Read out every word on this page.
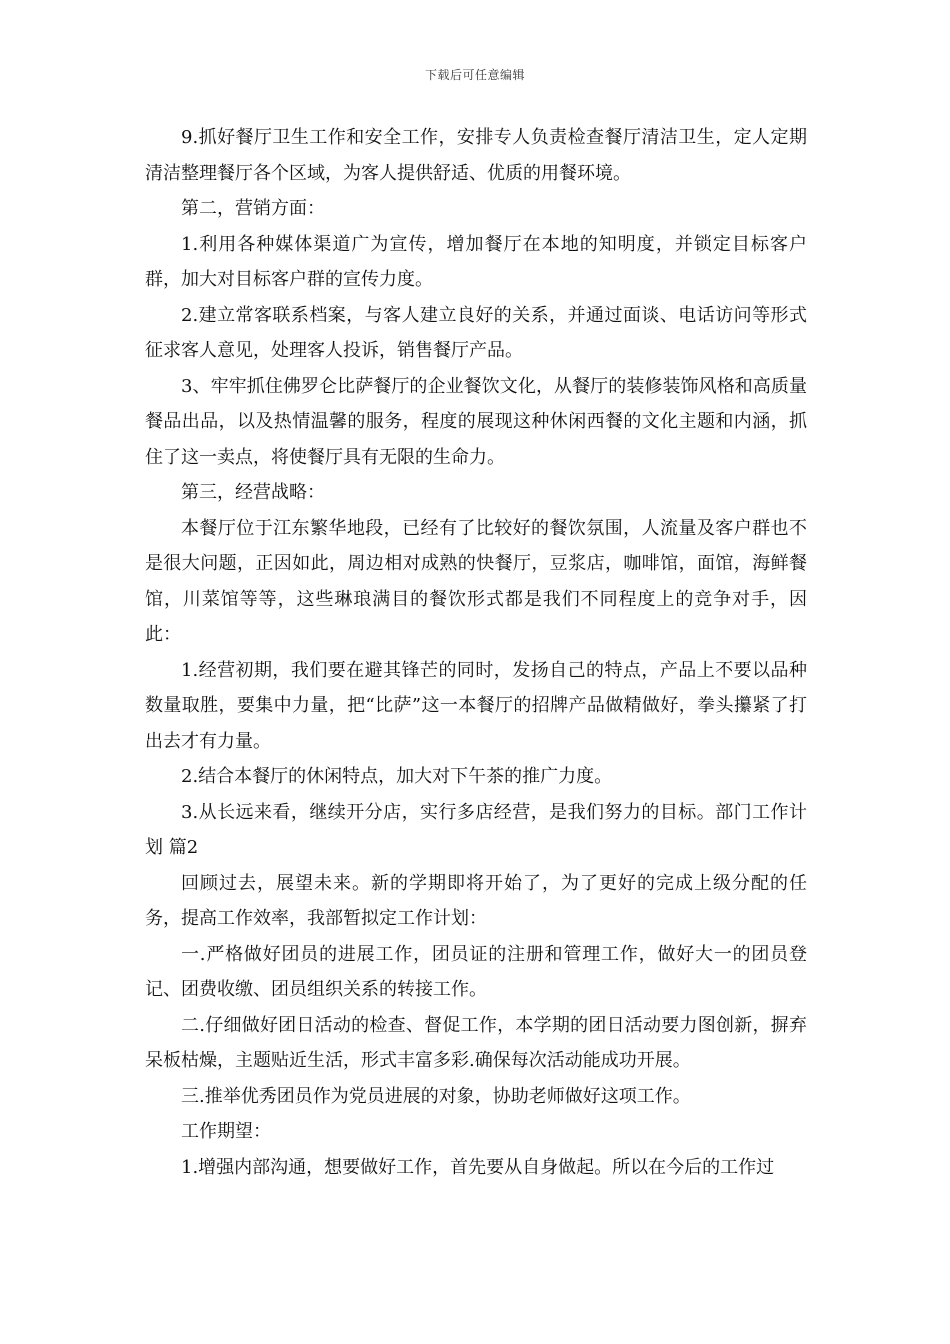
下载后可任意编辑

9.抓好餐厅卫生工作和安全工作，安排专人负责检查餐厅清洁卫生，定人定期清洁整理餐厅各个区域，为客人提供舒适、优质的用餐环境。

第二，营销方面：

1.利用各种媒体渠道广为宣传，增加餐厅在本地的知明度，并锁定目标客户群，加大对目标客户群的宣传力度。

2.建立常客联系档案，与客人建立良好的关系，并通过面谈、电话访问等形式征求客人意见，处理客人投诉，销售餐厅产品。

3、牢牢抓住佛罗仑比萨餐厅的企业餐饮文化，从餐厅的装修装饰风格和高质量餐品出品，以及热情温馨的服务，程度的展现这种休闲西餐的文化主题和内涵，抓住了这一卖点，将使餐厅具有无限的生命力。

第三，经营战略：

本餐厅位于江东繁华地段，已经有了比较好的餐饮氛围，人流量及客户群也不是很大问题，正因如此，周边相对成熟的快餐厅，豆浆店，咖啡馆，面馆，海鲜餐馆，川菜馆等等，这些琳琅满目的餐饮形式都是我们不同程度上的竞争对手，因此：

1.经营初期，我们要在避其锋芒的同时，发扬自己的特点，产品上不要以品种数量取胜，要集中力量，把“比萨”这一本餐厅的招牌产品做精做好，拳头攥紧了打出去才有力量。

2.结合本餐厅的休闲特点，加大对下午茶的推广力度。

3.从长远来看，继续开分店，实行多店经营，是我们努力的目标。部门工作计划 篇2

回顾过去，展望未来。新的学期即将开始了，为了更好的完成上级分配的任务，提高工作效率，我部暂拟定工作计划：

一.严格做好团员的进展工作，团员证的注册和管理工作，做好大一的团员登记、团费收缴、团员组织关系的转接工作。

二.仔细做好团日活动的检查、督促工作，本学期的团日活动要力图创新，摒弃呆板枯燥，主题贴近生活，形式丰富多彩.确保每次活动能成功开展。

三.推举优秀团员作为党员进展的对象，协助老师做好这项工作。

工作期望：

1.增强内部沟通，想要做好工作，首先要从自身做起。所以在今后的工作过
